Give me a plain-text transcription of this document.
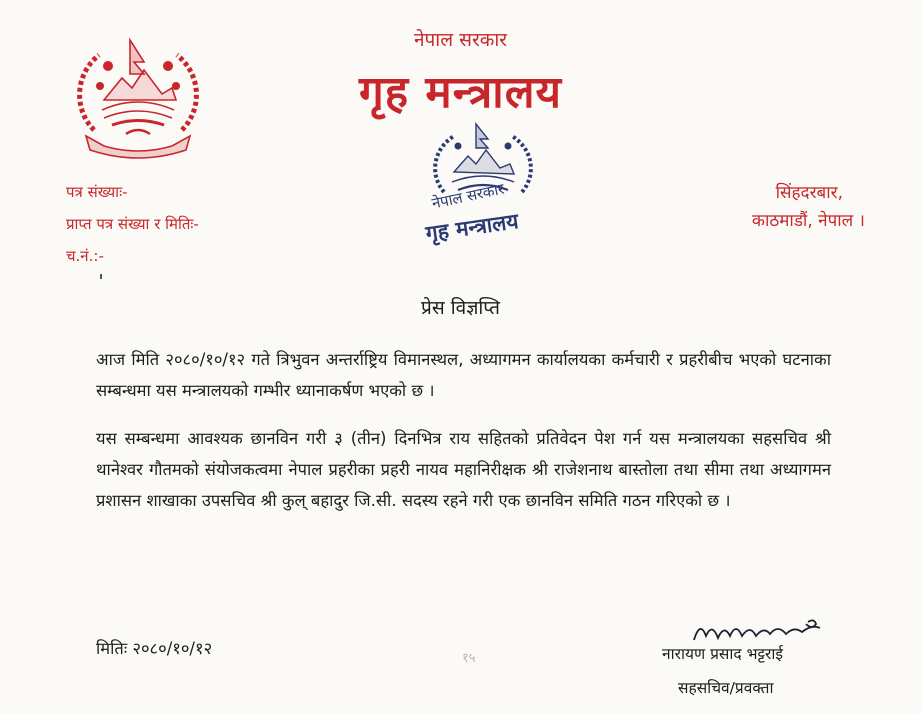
नेपाल सरकार
गृह मन्त्रालय
नेपाल सरकार
गृह मन्त्रालय
पत्र संख्याः-
प्राप्त पत्र संख्या र मितिः-
च.नं.:-
सिंहदरबार,
काठमाडौं, नेपाल ।
प्रेस विज्ञप्ति
आज मिति २०८०/१०/१२ गते त्रिभुवन अन्तर्राष्ट्रिय विमानस्थल, अध्यागमन कार्यालयका कर्मचारी र प्रहरीबीच भएको घटनाका सम्बन्धमा यस मन्त्रालयको गम्भीर ध्यानाकर्षण भएको छ ।
यस सम्बन्धमा आवश्यक छानविन गरी ३ (तीन) दिनभित्र राय सहितको प्रतिवेदन पेश गर्न यस मन्त्रालयका सहसचिव श्री थानेश्वर गौतमको संयोजकत्वमा नेपाल प्रहरीका प्रहरी नायव महानिरीक्षक श्री राजेशनाथ बास्तोला तथा सीमा तथा अध्यागमन प्रशासन शाखाका उपसचिव श्री कुल् बहादुर जि.सी. सदस्य रहने गरी एक छानविन समिति गठन गरिएको छ ।
मितिः २०८०/१०/१२
१५	नारायण प्रसाद भट्टराई
सहसचिव/प्रवक्ता
